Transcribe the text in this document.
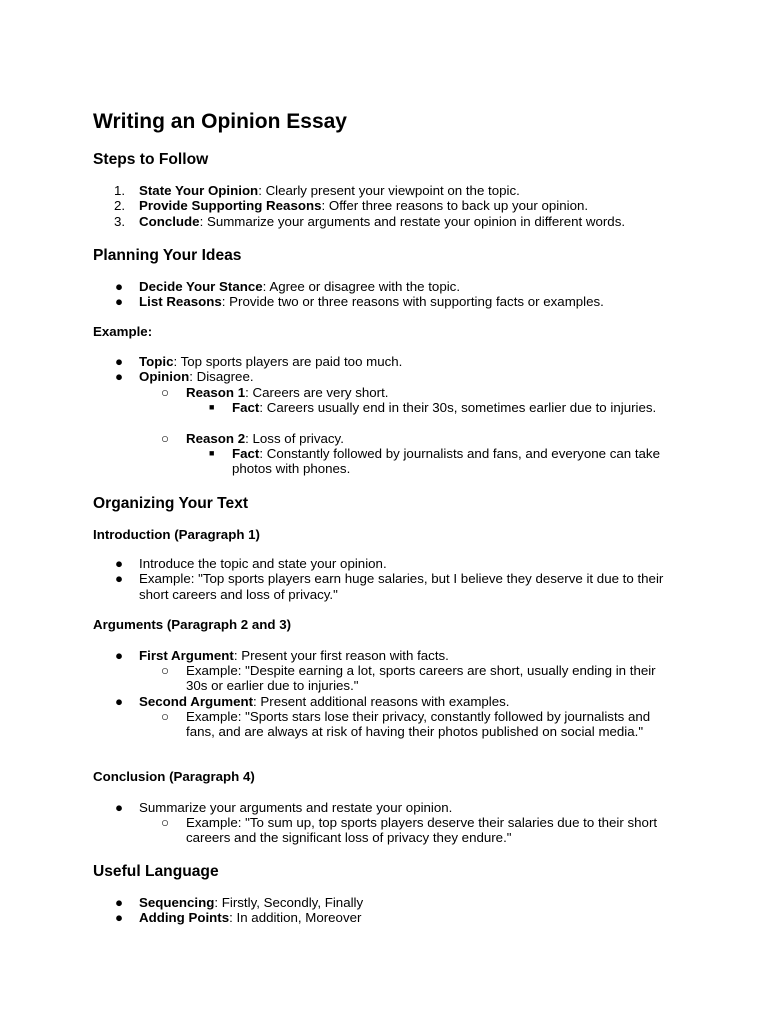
Writing an Opinion Essay
Steps to Follow
1.	State Your Opinion: Clearly present your viewpoint on the topic.
2.	Provide Supporting Reasons: Offer three reasons to back up your opinion.
3.	Conclude: Summarize your arguments and restate your opinion in different words.
Planning Your Ideas
●	Decide Your Stance: Agree or disagree with the topic.
●	List Reasons: Provide two or three reasons with supporting facts or examples.

Example:

●	Topic: Top sports players are paid too much.
●	Opinion: Disagree.
○	Reason 1: Careers are very short.
■	Fact: Careers usually end in their 30s, sometimes earlier due to injuries.
○	Reason 2: Loss of privacy.
■	Fact: Constantly followed by journalists and fans, and everyone can take photos with phones.
Organizing Your Text

Introduction (Paragraph 1)

●	Introduce the topic and state your opinion.
●	Example: "Top sports players earn huge salaries, but I believe they deserve it due to their short careers and loss of privacy."

Arguments (Paragraph 2 and 3)

●	First Argument: Present your first reason with facts.
○	Example: "Despite earning a lot, sports careers are short, usually ending in their 30s or earlier due to injuries."
●	Second Argument: Present additional reasons with examples.
○	Example: "Sports stars lose their privacy, constantly followed by journalists and fans, and are always at risk of having their photos published on social media."

Conclusion (Paragraph 4)

●	Summarize your arguments and restate your opinion.
○	Example: "To sum up, top sports players deserve their salaries due to their short careers and the significant loss of privacy they endure."
Useful Language
●	Sequencing: Firstly, Secondly, Finally
●	Adding Points: In addition, Moreover
